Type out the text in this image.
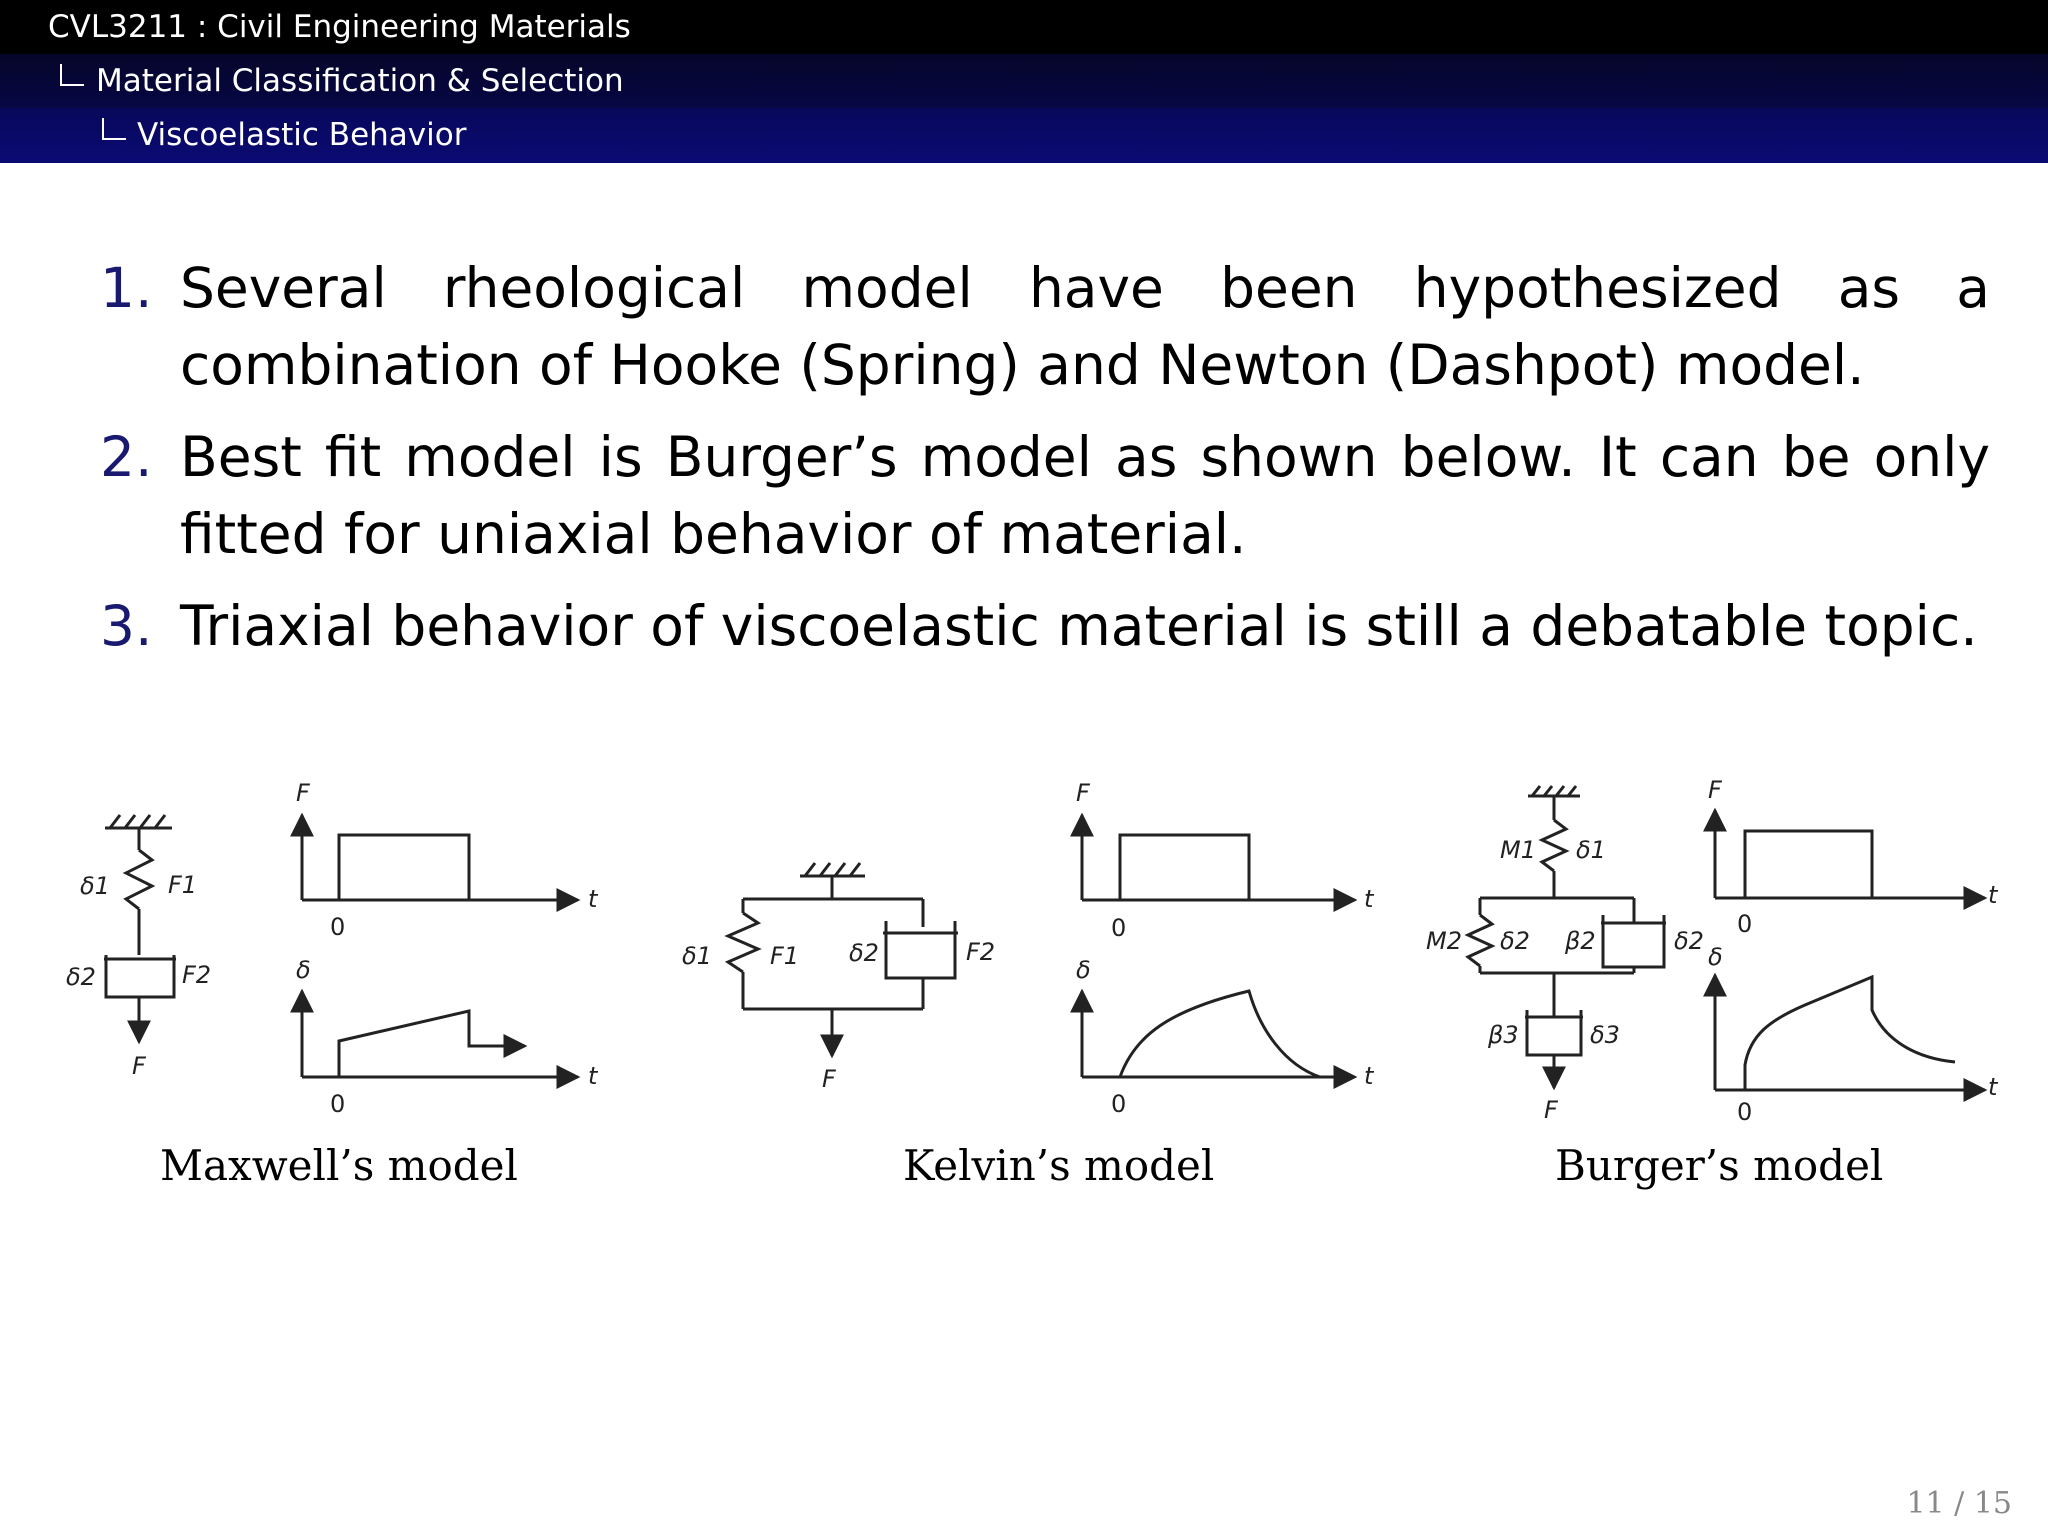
CVL3211 : Civil Engineering Materials
Material Classification & Selection
Viscoelastic Behavior
1. Several rheological model have been hypothesized as a combination of Hooke (Spring) and Newton (Dashpot) model.
2. Best fit model is Burger’s model as shown below. It can be only fitted for uniaxial behavior of material.
3. Triaxial behavior of viscoelastic material is still a debatable topic.
δ1 F1
δ2	F2
F
F
t
0
δ
t
0
Maxwell’s model
δ1 F1 δ2	F2
F
F
t
0
δ
t
0
Kelvin’s model
M1 δ1
M2 δ2 β2	δ2
β3	δ3
F
F
t
0
δ
t
0
Burger’s model
11 / 15
